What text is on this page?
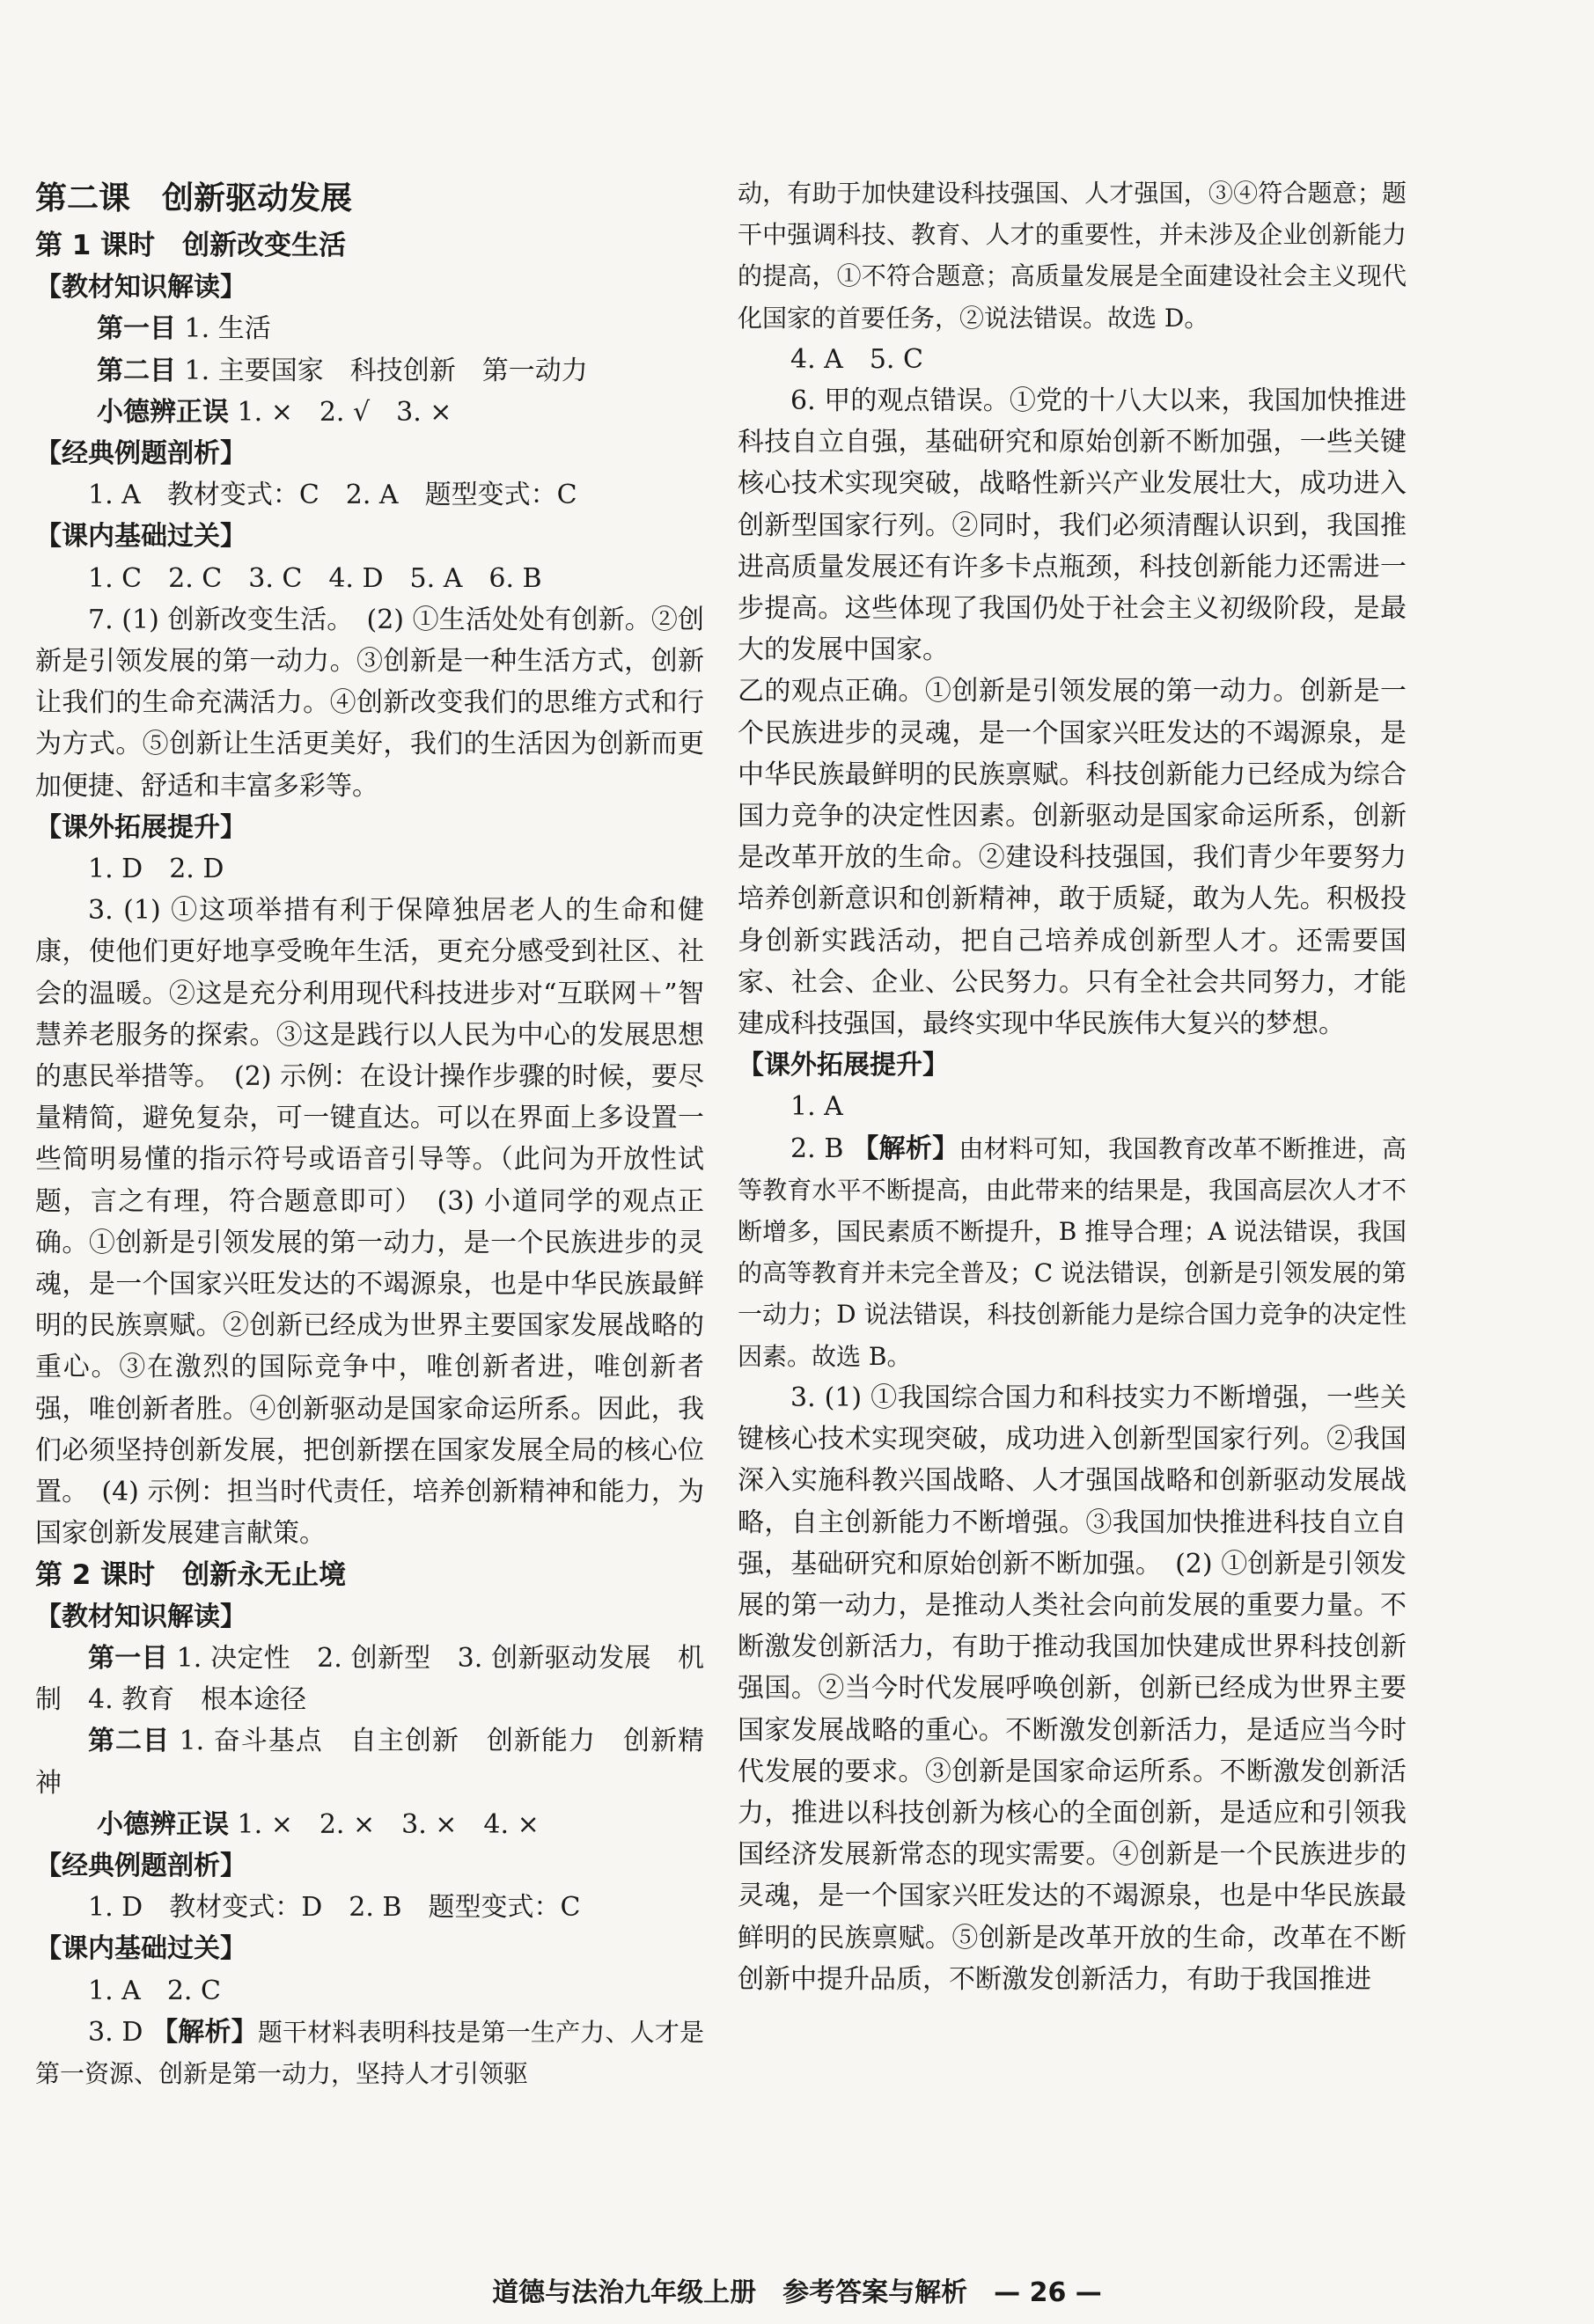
第二课　创新驱动发展

第 1 课时　创新改变生活

【教材知识解读】

第一目 1. 生活

第二目 1. 主要国家　科技创新　第一动力

小德辨正误 1. ×　2. √　3. ×

【经典例题剖析】

1. A　教材变式：C　2. A　题型变式：C

【课内基础过关】

1. C　2. C　3. C　4. D　5. A　6. B

7. (1) 创新改变生活。　(2) ①生活处处有创新。②创新是引领发展的第一动力。③创新是一种生活方式，创新让我们的生命充满活力。④创新改变我们的思维方式和行为方式。⑤创新让生活更美好，我们的生活因为创新而更加便捷、舒适和丰富多彩等。

【课外拓展提升】

1. D　2. D

3. (1) ①这项举措有利于保障独居老人的生命和健康，使他们更好地享受晚年生活，更充分感受到社区、社会的温暖。②这是充分利用现代科技进步对“互联网＋”智慧养老服务的探索。③这是践行以人民为中心的发展思想的惠民举措等。　(2) 示例：在设计操作步骤的时候，要尽量精简，避免复杂，可一键直达。可以在界面上多设置一些简明易懂的指示符号或语音引导等。（此问为开放性试题，言之有理，符合题意即可）　(3) 小道同学的观点正确。①创新是引领发展的第一动力，是一个民族进步的灵魂，是一个国家兴旺发达的不竭源泉，也是中华民族最鲜明的民族禀赋。②创新已经成为世界主要国家发展战略的重心。③在激烈的国际竞争中，唯创新者进，唯创新者强，唯创新者胜。④创新驱动是国家命运所系。因此，我们必须坚持创新发展，把创新摆在国家发展全局的核心位置。　(4) 示例：担当时代责任，培养创新精神和能力，为国家创新发展建言献策。

第 2 课时　创新永无止境

【教材知识解读】

第一目 1. 决定性　2. 创新型　3. 创新驱动发展　机制　4. 教育　根本途径

第二目 1. 奋斗基点　自主创新　创新能力　创新精神

小德辨正误 1. ×　2. ×　3. ×　4. ×

【经典例题剖析】

1. D　教材变式：D　2. B　题型变式：C

【课内基础过关】

1. A　2. C

3. D 【解析】题干材料表明科技是第一生产力、人才是第一资源、创新是第一动力，坚持人才引领驱

动，有助于加快建设科技强国、人才强国，③④符合题意；题干中强调科技、教育、人才的重要性，并未涉及企业创新能力的提高，①不符合题意；高质量发展是全面建设社会主义现代化国家的首要任务，②说法错误。故选 D。

4. A　5. C

6. 甲的观点错误。①党的十八大以来，我国加快推进科技自立自强，基础研究和原始创新不断加强，一些关键核心技术实现突破，战略性新兴产业发展壮大，成功进入创新型国家行列。②同时，我们必须清醒认识到，我国推进高质量发展还有许多卡点瓶颈，科技创新能力还需进一步提高。这些体现了我国仍处于社会主义初级阶段，是最大的发展中国家。

乙的观点正确。①创新是引领发展的第一动力。创新是一个民族进步的灵魂，是一个国家兴旺发达的不竭源泉，是中华民族最鲜明的民族禀赋。科技创新能力已经成为综合国力竞争的决定性因素。创新驱动是国家命运所系，创新是改革开放的生命。②建设科技强国，我们青少年要努力培养创新意识和创新精神，敢于质疑，敢为人先。积极投身创新实践活动，把自己培养成创新型人才。还需要国家、社会、企业、公民努力。只有全社会共同努力，才能建成科技强国，最终实现中华民族伟大复兴的梦想。

【课外拓展提升】

1. A

2. B 【解析】由材料可知，我国教育改革不断推进，高等教育水平不断提高，由此带来的结果是，我国高层次人才不断增多，国民素质不断提升，B 推导合理；A 说法错误，我国的高等教育并未完全普及；C 说法错误，创新是引领发展的第一动力；D 说法错误，科技创新能力是综合国力竞争的决定性因素。故选 B。

3. (1) ①我国综合国力和科技实力不断增强，一些关键核心技术实现突破，成功进入创新型国家行列。②我国深入实施科教兴国战略、人才强国战略和创新驱动发展战略，自主创新能力不断增强。③我国加快推进科技自立自强，基础研究和原始创新不断加强。　(2) ①创新是引领发展的第一动力，是推动人类社会向前发展的重要力量。不断激发创新活力，有助于推动我国加快建成世界科技创新强国。②当今时代发展呼唤创新，创新已经成为世界主要国家发展战略的重心。不断激发创新活力，是适应当今时代发展的要求。③创新是国家命运所系。不断激发创新活力，推进以科技创新为核心的全面创新，是适应和引领我国经济发展新常态的现实需要。④创新是一个民族进步的灵魂，是一个国家兴旺发达的不竭源泉，也是中华民族最鲜明的民族禀赋。⑤创新是改革开放的生命，改革在不断创新中提升品质，不断激发创新活力，有助于我国推进

道德与法治九年级上册　参考答案与解析　— 26 —
